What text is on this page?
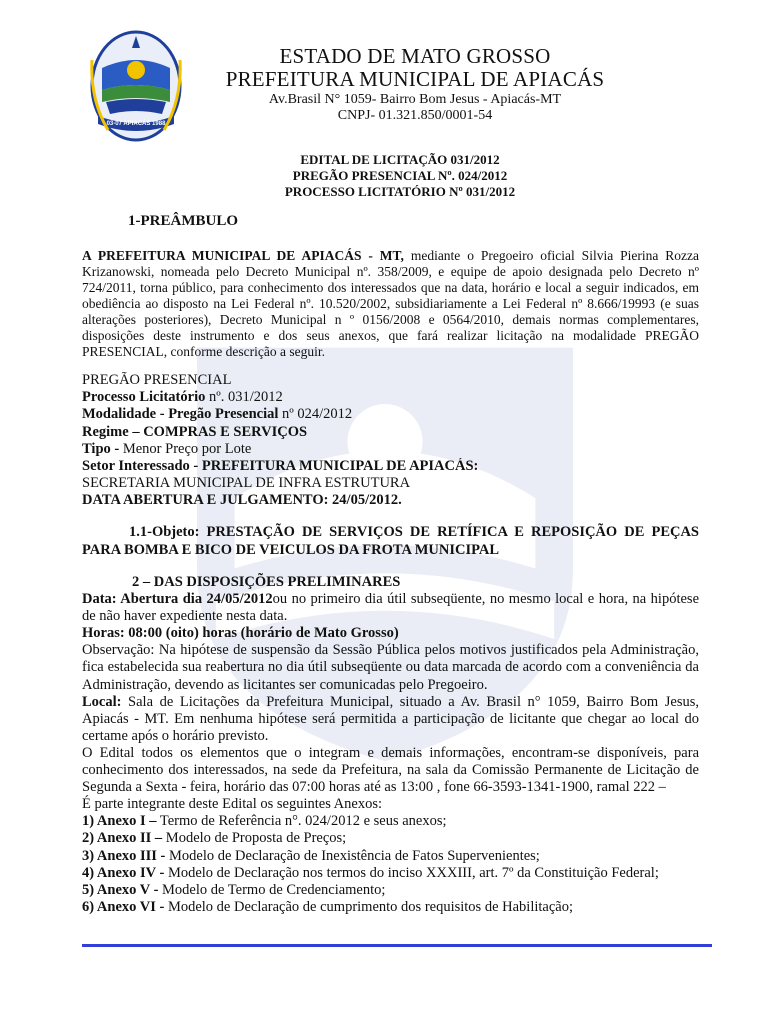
03-07 APIACÁS 1988
ESTADO DE MATO GROSSO
PREFEITURA MUNICIPAL DE APIACÁS
Av.Brasil N° 1059- Bairro Bom Jesus - Apiacás-MT
CNPJ- 01.321.850/0001-54
EDITAL DE LICITAÇÃO 031/2012
PREGÃO PRESENCIAL Nº. 024/2012
PROCESSO LICITATÓRIO Nº 031/2012
1-PREÂMBULO
A PREFEITURA MUNICIPAL DE APIACÁS - MT, mediante o Pregoeiro oficial Silvia Pierina Rozza Krizanowski, nomeada pelo Decreto Municipal nº. 358/2009, e equipe de apoio designada pelo Decreto nº 724/2011, torna público, para conhecimento dos interessados que na data, horário e local a seguir indicados, em obediência ao disposto na Lei Federal nº. 10.520/2002, subsidiariamente a Lei Federal nº 8.666/19993 (e suas alterações posteriores), Decreto Municipal n º 0156/2008 e 0564/2010, demais normas complementares, disposições deste instrumento e dos seus anexos, que fará realizar licitação na modalidade PREGÃO PRESENCIAL, conforme descrição a seguir.
PREGÃO PRESENCIAL
Processo Licitatório nº. 031/2012
Modalidade - Pregão Presencial nº 024/2012
Regime – COMPRAS E SERVIÇOS
Tipo - Menor Preço por Lote
Setor Interessado - PREFEITURA MUNICIPAL DE APIACÁS:
SECRETARIA MUNICIPAL DE INFRA ESTRUTURA
DATA ABERTURA E JULGAMENTO: 24/05/2012.
1.1-Objeto: PRESTAÇÃO DE SERVIÇOS DE RETÍFICA E REPOSIÇÃO DE PEÇAS PARA BOMBA E BICO DE VEICULOS DA FROTA MUNICIPAL

2 – DAS DISPOSIÇÕES PRELIMINARES

Data: Abertura dia 24/05/2012ou no primeiro dia útil subseqüente, no mesmo local e hora, na hipótese de não haver expediente nesta data.

Horas: 08:00 (oito) horas (horário de Mato Grosso)

Observação: Na hipótese de suspensão da Sessão Pública pelos motivos justificados pela Administração, fica estabelecida sua reabertura no dia útil subseqüente ou data marcada de acordo com a conveniência da Administração, devendo as licitantes ser comunicadas pelo Pregoeiro.

Local: Sala de Licitações da Prefeitura Municipal, situado a Av. Brasil n° 1059, Bairro Bom Jesus, Apiacás - MT. Em nenhuma hipótese será permitida a participação de licitante que chegar ao local do certame após o horário previsto.

O Edital todos os elementos que o integram e demais informações, encontram-se disponíveis, para conhecimento dos interessados, na sede da Prefeitura, na sala da Comissão Permanente de Licitação de Segunda a Sexta - feira, horário das 07:00 horas até as 13:00 , fone 66-3593-1341-1900, ramal 222 –

É parte integrante deste Edital os seguintes Anexos:

1) Anexo I – Termo de Referência n°. 024/2012 e seus anexos;

2) Anexo II – Modelo de Proposta de Preços;

3) Anexo III - Modelo de Declaração de Inexistência de Fatos Supervenientes;

4) Anexo IV - Modelo de Declaração nos termos do inciso XXXIII, art. 7º da Constituição Federal;

5) Anexo V - Modelo de Termo de Credenciamento;

6) Anexo VI - Modelo de Declaração de cumprimento dos requisitos de Habilitação;
